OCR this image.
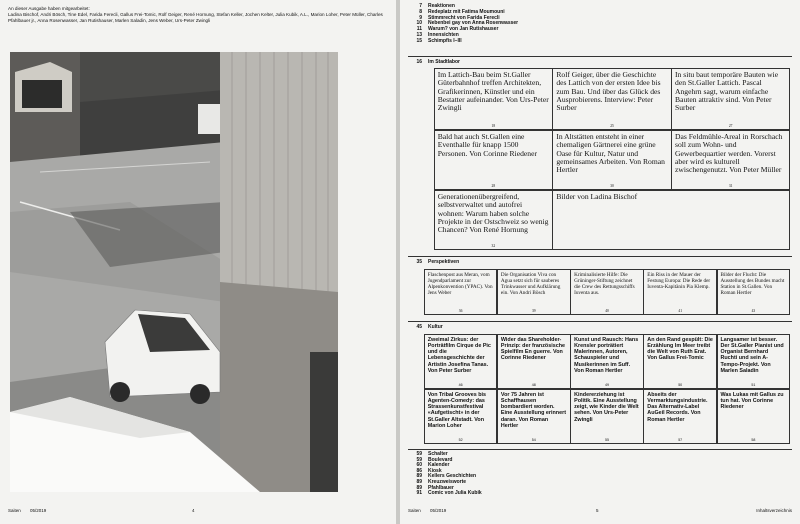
An dieser Ausgabe haben mitgearbeitet:
Ladina Bischof, Andri Bösch, Tine Edel, Farida Ferecli, Gallus Frei-Tomic, Rolf Geiger, René Hornung, Stefan Keller, Jochen Kelter, Julia Kubik, A.L., Marion Loher, Peter Müller, Charles Pfahlbauer jr., Anna Rosenwasser, Jan Rutishauser, Marlen Saladin, Jens Weber, Urs-Peter Zwingli
Saiten 05/2019	4
7 Reaktionen
8 Redeplatz mit Fatima Moumouni
9 Stimmrecht von Farida Ferecli
10 Nebenbei gay von Anna Rosenwasser
11 Warum? von Jan Rutishauser
13 Innensichten
15 Schimpfis I–III
16 Im Stadtlabor
Im Lattich-Bau beim St.Galler Güterbahnhof treffen Architekten, Grafikerinnen, Künstler und ein Bestatter aufeinander. Von Urs-Peter Zwingli
18
Rolf Geiger, über die Geschichte des Lattich von der ersten Idee bis zum Bau. Und über das Glück des Ausprobierens. Interview: Peter Surber
25
In situ baut temporäre Bauten wie den St.Galler Lattich. Pascal Angehrn sagt, warum einfache Bauten attraktiv sind. Von Peter Surber
27
Bald hat auch St.Gallen eine Eventhalle für knapp 1500 Personen. Von Corinne Riedener
28
In Altstätten entsteht in einer chemaligen Gärtnerei eine grüne Oase für Kultur, Natur und gemeinsames Arbeiten. Von Roman Hertler
30
Das Feldmühle-Areal in Rorschach soll zum Wohn- und Gewerbequartier werden. Vorerst aber wird es kulturell zwischengenutzt. Von Peter Müller
31
Generationenübergreifend, selbstverwaltet und autofrei wohnen: Warum haben solche Projekte in der Ostschweiz so wenig Chancen? Von René Hornung
32
Bilder von Ladina Bischof
35 Perspektiven
Flaschenpost aus Meran, vom Jugendparlament zur Alpenkonvention (YPAC). Von Jens Weber
36
Die Organisation Viva con Agua setzt sich für sauberes Trinkwasser und Aufklärung ein. Von Andri Bösch
39
Kriminalisierte Hilfe: Die Grüninger-Stiftung zeichnet die Crew des Rettungsschiffs Iuventa aus.
40
Ein Riss in der Mauer der Festung Europa: Die Rede der Iuventa-Kapitänin Pia Klemp.
41
Bilder der Flucht: Die Ausstellung des Bundes macht Station in St.Gallen. Von Roman Hertler
43
45 Kultur
Zweimal Zirkus: der Porträtfilm Cirque de Pic und die Lebensgeschichte der Artistin Josefina Tanas. Von Peter Surber
46
Wider das Shareholder-Prinzip: der französische Spielfilm En guerre. Von Corinne Riedener
48
Kunst und Rausch: Hans Krensler porträtiert Malerinnen, Autoren, Schauspieler und Musikerinnen im Suff. Von Roman Hertler
49
An den Rand gespült: Die Erzählung Im Meer treibt die Welt von Ruth Erat. Von Gallus Frei-Tomic
50
Langsamer ist besser. Der St.Galler Pianist und Organist Bernhard Ruchti und sein A-Tempo-Projekt. Von Marlen Saladin
51
Von Tribal Grooves bis Agenten-Comedy: das Strassenkunstfestival «Aufgetischt» in der St.Galler Altstadt. Von Marion Loher
52
Vor 75 Jahren ist Schaffhausen bombardiert worden. Eine Ausstellung erinnert daran. Von Roman Hertler
54
Kindererziehung ist Politik. Eine Ausstellung zeigt, wie Kinder die Welt sehen. Von Urs-Peter Zwingli
55
Abseits der Vermarktungsindustrie. Das Alternativ-Label AuGeil Records. Von Roman Hertler
57
Was Lukas mit Gallus zu tun hat. Von Corinne Riedener
58
59 Schalter
59 Boulevard
60 Kalender
86 Kiosk
89 Kellers Geschichten
89 Kreuzweisworte
89 Pfahlbauer
91 Comic von Julia Kubik
Saiten 05/2019	5	Inhaltsverzeichnis
